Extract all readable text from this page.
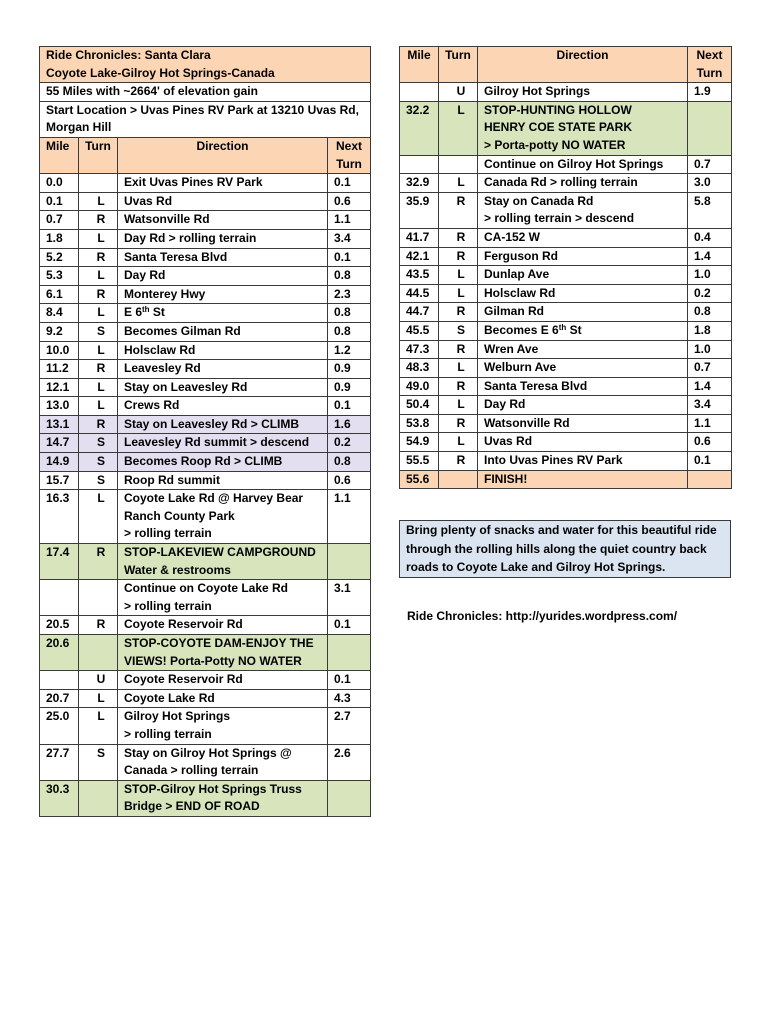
Ride Chronicles: Santa Clara
Coyote Lake-Gilroy Hot Springs-Canada			

55 Miles with ~2664' of elevation gain			
Start Location > Uvas Pines RV Park at 13210 Uvas Rd, Morgan Hill			
Mile	Turn	Direction	Next Turn
0.0		Exit Uvas Pines RV Park	0.1
0.1	L	Uvas Rd	0.6
0.7	R	Watsonville Rd	1.1
1.8	L	Day Rd > rolling terrain	3.4
5.2	R	Santa Teresa Blvd	0.1
5.3	L	Day Rd	0.8
6.1	R	Monterey Hwy	2.3
8.4	L	E 6th St	0.8
9.2	S	Becomes Gilman Rd	0.8
10.0	L	Holsclaw Rd	1.2
11.2	R	Leavesley Rd	0.9
12.1	L	Stay on Leavesley Rd	0.9
13.0	L	Crews Rd	0.1
13.1	R	Stay on Leavesley Rd > CLIMB	1.6
14.7	S	Leavesley Rd summit > descend	0.2
14.9	S	Becomes Roop Rd > CLIMB	0.8
15.7	S	Roop Rd summit	0.6
16.3	L	Coyote Lake Rd @ Harvey Bear Ranch County Park
> rolling terrain	1.1
17.4	R	STOP-LAKEVIEW CAMPGROUND
Water & restrooms	
		Continue on Coyote Lake Rd
> rolling terrain	3.1
20.5	R	Coyote Reservoir Rd	0.1
20.6		STOP-COYOTE DAM-ENJOY THE VIEWS! Porta-Potty NO WATER	
	U	Coyote Reservoir Rd	0.1
20.7	L	Coyote Lake Rd	4.3
25.0	L	Gilroy Hot Springs
> rolling terrain	2.7
27.7	S	Stay on Gilroy Hot Springs @ Canada > rolling terrain	2.6
30.3		STOP-Gilroy Hot Springs Truss Bridge > END OF ROAD	
Mile	Turn	Direction	Next Turn
	U	Gilroy Hot Springs	1.9
32.2	L	STOP-HUNTING HOLLOW
HENRY COE STATE PARK
> Porta-potty NO WATER	
		Continue on Gilroy Hot Springs	0.7
32.9	L	Canada Rd > rolling terrain	3.0
35.9	R	Stay on Canada Rd
> rolling terrain > descend	5.8
41.7	R	CA-152 W	0.4
42.1	R	Ferguson Rd	1.4
43.5	L	Dunlap Ave	1.0
44.5	L	Holsclaw Rd	0.2
44.7	R	Gilman Rd	0.8
45.5	S	Becomes E 6th St	1.8
47.3	R	Wren Ave	1.0
48.3	L	Welburn Ave	0.7
49.0	R	Santa Teresa Blvd	1.4
50.4	L	Day Rd	3.4
53.8	R	Watsonville Rd	1.1
54.9	L	Uvas Rd	0.6
55.5	R	Into Uvas Pines RV Park	0.1
55.6		FINISH!	
Bring plenty of snacks and water for this beautiful ride through the rolling hills along the quiet country back roads to Coyote Lake and Gilroy Hot Springs.
Ride Chronicles: http://yurides.wordpress.com/
